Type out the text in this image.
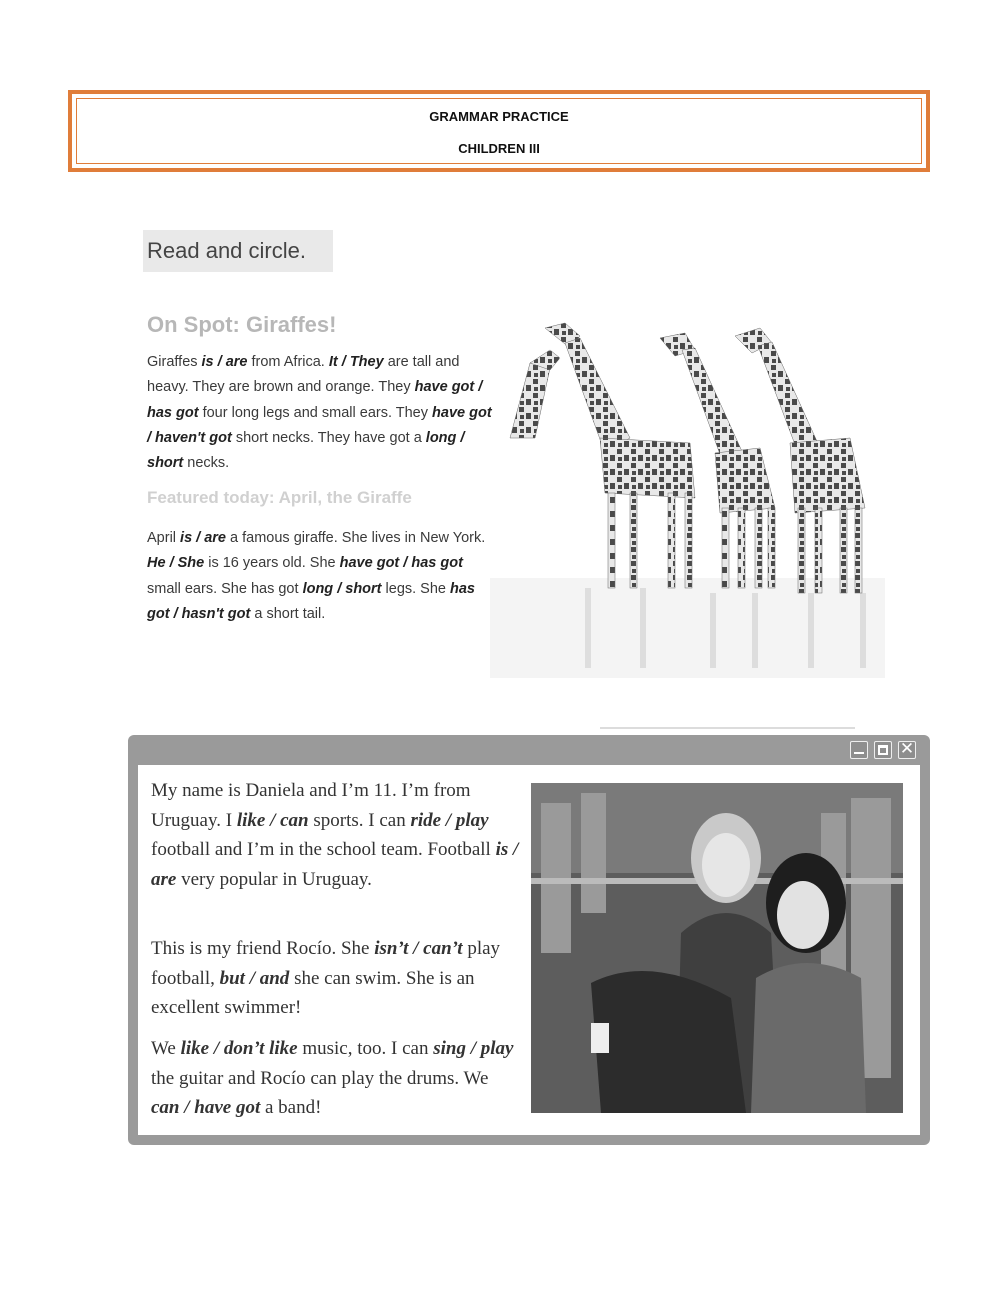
GRAMMAR PRACTICE
CHILDREN III
Read and circle.
On Spot: Giraffes!
Giraffes is / are from Africa. It / They are tall and heavy. They are brown and orange. They have got / has got four long legs and small ears. They have got / haven't got short necks. They have got a long / short necks.
Featured today: April, the Giraffe
April is / are a famous giraffe. She lives in New York. He / She is 16 years old. She have got / has got small ears. She has got long / short legs. She has got / hasn't got a short tail.
✕
My name is Daniela and I’m 11. I’m from Uruguay. I like / can sports. I can ride / play football and I’m in the school team. Football is / are very popular in Uruguay.
This is my friend Rocío. She isn’t / can’t play football, but / and she can swim. She is an excellent swimmer!
We like / don’t like music, too. I can sing / play the guitar and Rocío can play the drums. We can / have got a band!
